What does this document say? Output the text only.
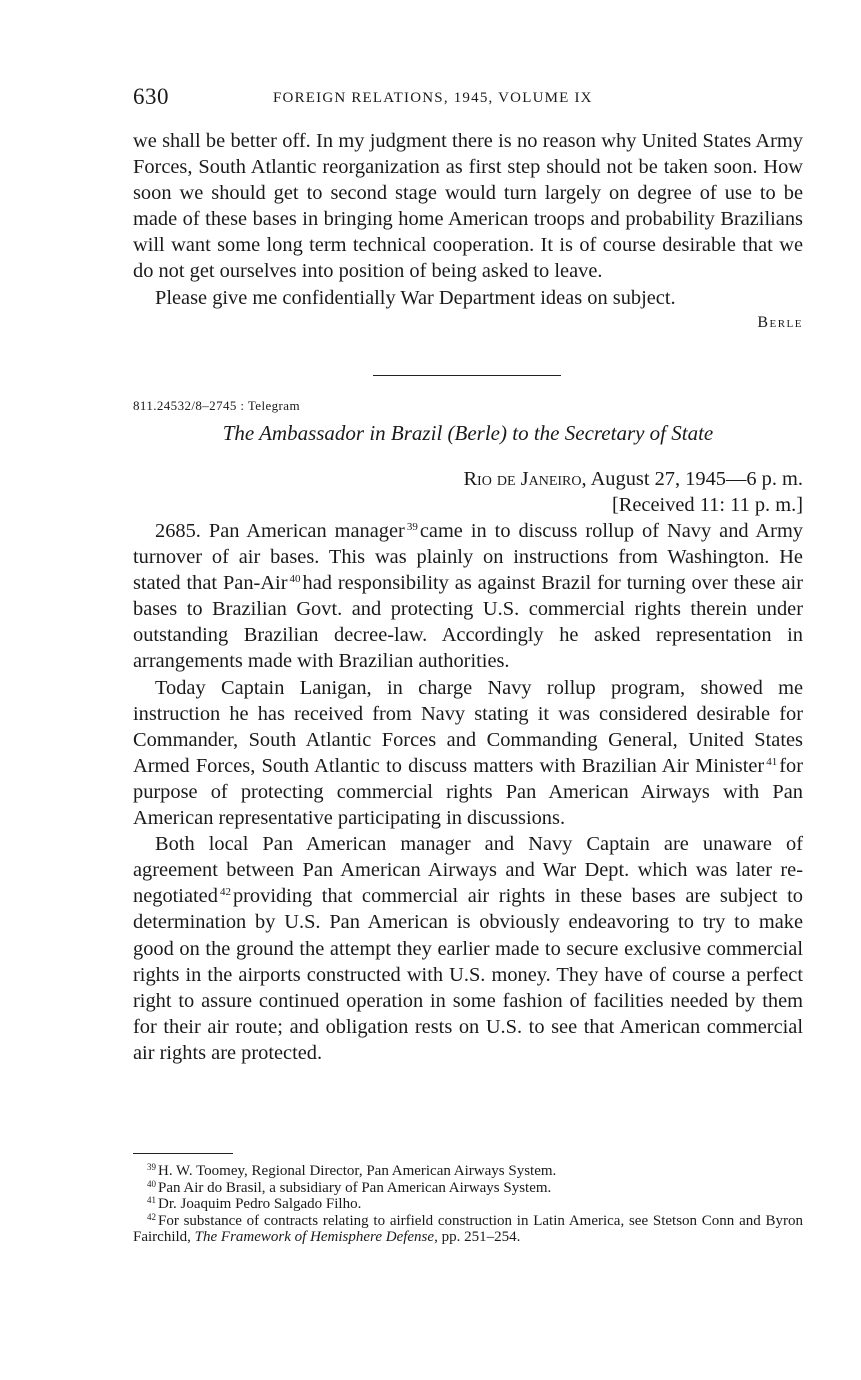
630	FOREIGN RELATIONS, 1945, VOLUME IX

we shall be better off. In my judgment there is no reason why United States Army Forces, South Atlantic reorganization as first step should not be taken soon. How soon we should get to second stage would turn largely on degree of use to be made of these bases in bringing home American troops and probability Brazilians will want some long term technical cooperation. It is of course desirable that we do not get ourselves into position of being asked to leave.

Please give me confidentially War Department ideas on subject.

Berle

811.24532/8–2745 : Telegram
The Ambassador in Brazil (Berle) to the Secretary of State
Rio de Janeiro, August 27, 1945—6 p. m.
[Received 11: 11 p. m.]

2685. Pan American manager $^{39}$came in to discuss rollup of Navy and Army turnover of air bases. This was plainly on instructions from Washington. He stated that Pan-Air $^{40}$had responsibility as against Brazil for turning over these air bases to Brazilian Govt. and protecting U.S. commercial rights therein under outstanding Brazilian decree-law. Accordingly he asked representation in arrangements made with Brazilian authorities.

Today Captain Lanigan, in charge Navy rollup program, showed me instruction he has received from Navy stating it was considered desirable for Commander, South Atlantic Forces and Commanding General, United States Armed Forces, South Atlantic to discuss matters with Brazilian Air Minister $^{41}$for purpose of protecting commercial rights Pan American Airways with Pan American representative participating in discussions.

Both local Pan American manager and Navy Captain are unaware of agreement between Pan American Airways and War Dept. which was later re-negotiated $^{42}$providing that commercial air rights in these bases are subject to determination by U.S. Pan American is obviously endeavoring to try to make good on the ground the attempt they earlier made to secure exclusive commercial rights in the airports constructed with U.S. money. They have of course a perfect right to assure continued operation in some fashion of facilities needed by them for their air route; and obligation rests on U.S. to see that American commercial air rights are protected.

$^{39}$ H. W. Toomey, Regional Director, Pan American Airways System.

$^{40}$ Pan Air do Brasil, a subsidiary of Pan American Airways System.

$^{41}$ Dr. Joaquim Pedro Salgado Filho.

$^{42}$ For substance of contracts relating to airfield construction in Latin America, see Stetson Conn and Byron Fairchild, The Framework of Hemisphere Defense, pp. 251–254.
